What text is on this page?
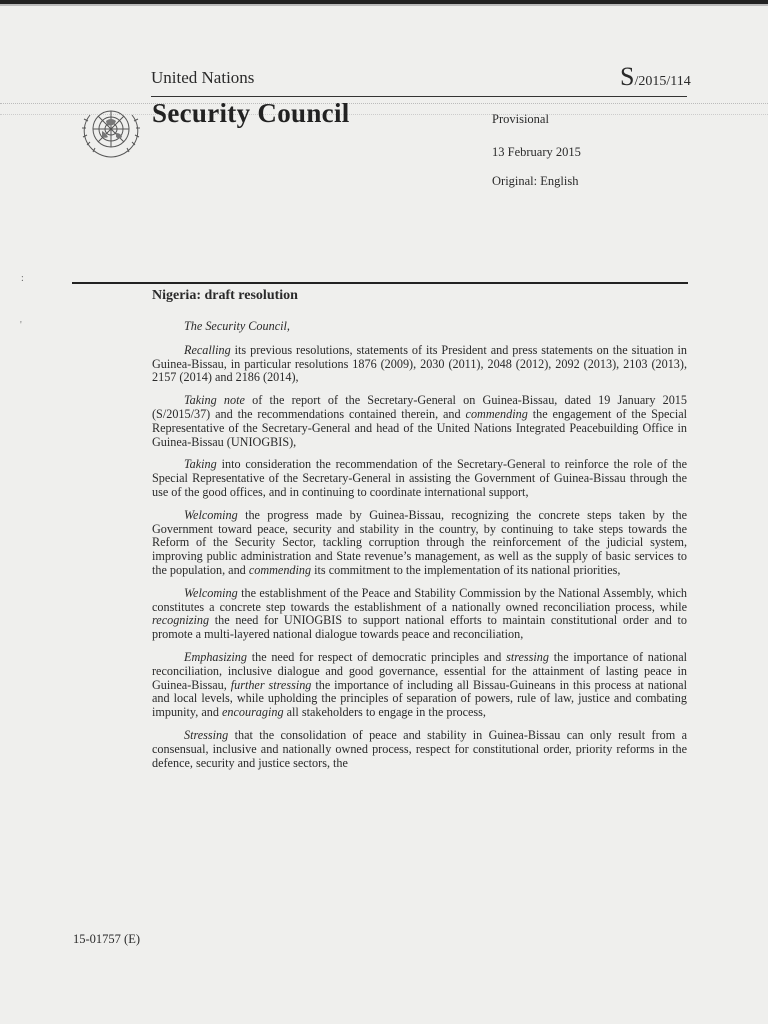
United Nations	S/2015/114
Security Council	Provisional
13 February 2015
Original: English
:
'
Nigeria: draft resolution

The Security Council,

Recalling its previous resolutions, statements of its President and press statements on the situation in Guinea-Bissau, in particular resolutions 1876 (2009), 2030 (2011), 2048 (2012), 2092 (2013), 2103 (2013), 2157 (2014) and 2186 (2014),

Taking note of the report of the Secretary-General on Guinea-Bissau, dated 19 January 2015 (S/2015/37) and the recommendations contained therein, and commending the engagement of the Special Representative of the Secretary-General and head of the United Nations Integrated Peacebuilding Office in Guinea-Bissau (UNIOGBIS),

Taking into consideration the recommendation of the Secretary-General to reinforce the role of the Special Representative of the Secretary-General in assisting the Government of Guinea-Bissau through the use of the good offices, and in continuing to coordinate international support,

Welcoming the progress made by Guinea-Bissau, recognizing the concrete steps taken by the Government toward peace, security and stability in the country, by continuing to take steps towards the Reform of the Security Sector, tackling corruption through the reinforcement of the judicial system, improving public administration and State revenue’s management, as well as the supply of basic services to the population, and commending its commitment to the implementation of its national priorities,

Welcoming the establishment of the Peace and Stability Commission by the National Assembly, which constitutes a concrete step towards the establishment of a nationally owned reconciliation process, while recognizing the need for UNIOGBIS to support national efforts to maintain constitutional order and to promote a multi-layered national dialogue towards peace and reconciliation,

Emphasizing the need for respect of democratic principles and stressing the importance of national reconciliation, inclusive dialogue and good governance, essential for the attainment of lasting peace in Guinea-Bissau, further stressing the importance of including all Bissau-Guineans in this process at national and local levels, while upholding the principles of separation of powers, rule of law, justice and combating impunity, and encouraging all stakeholders to engage in the process,

Stressing that the consolidation of peace and stability in Guinea-Bissau can only result from a consensual, inclusive and nationally owned process, respect for constitutional order, priority reforms in the defence, security and justice sectors, the

15-01757 (E)
